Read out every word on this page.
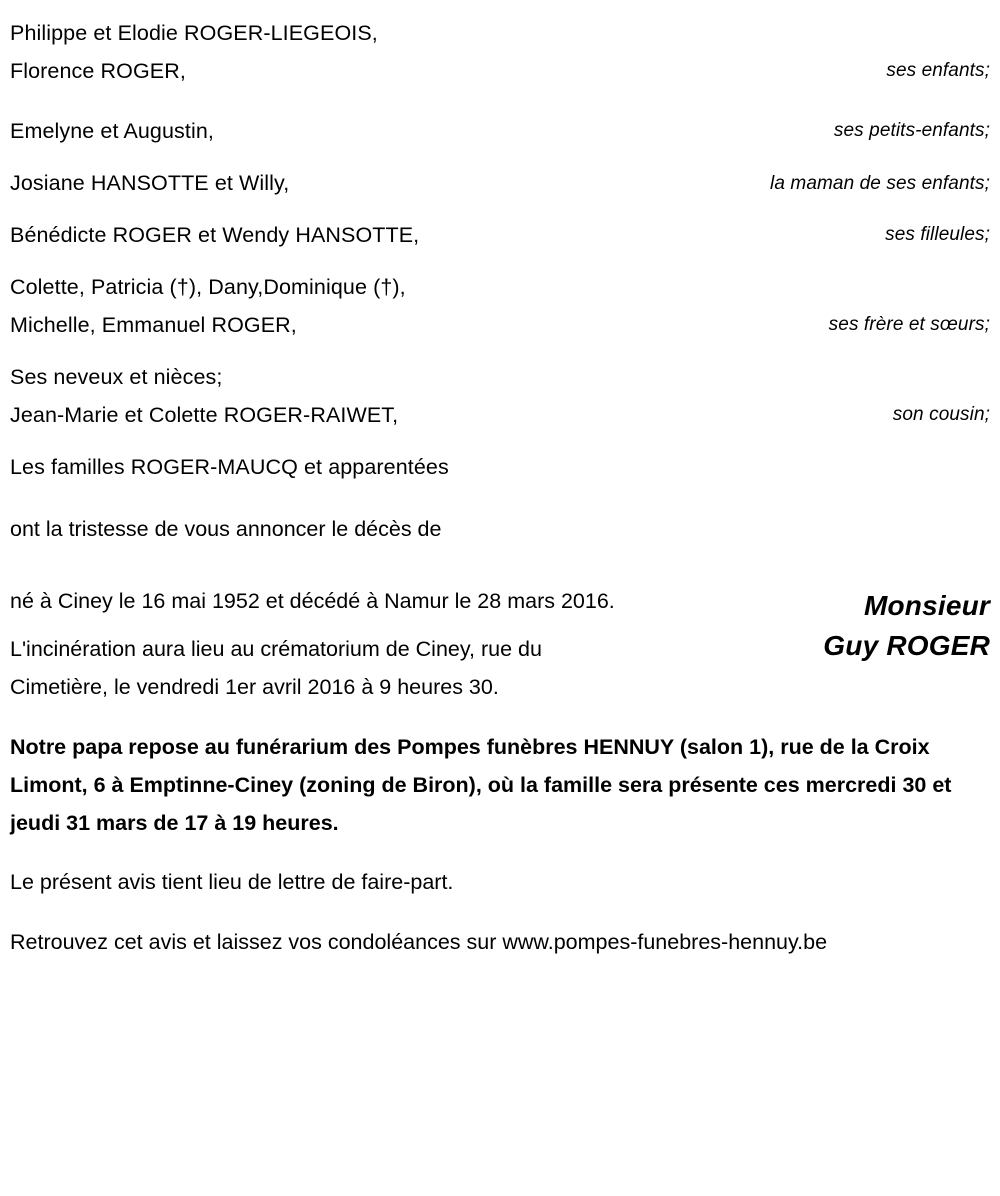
Philippe et Elodie ROGER-LIEGEOIS,
Florence ROGER,	ses enfants;
Emelyne et Augustin,	ses petits-enfants;
Josiane HANSOTTE et Willy,	la maman de ses enfants;
Bénédicte ROGER et Wendy HANSOTTE,	ses filleules;
Colette, Patricia (†), Dany,Dominique (†),
Michelle, Emmanuel ROGER,	ses frère et sœurs;
Ses neveux et nièces;
Jean-Marie et Colette ROGER-RAIWET,	son cousin;
Les familles ROGER-MAUCQ et apparentées
ont la tristesse de vous annoncer le décès de

né à Ciney le 16 mai 1952 et décédé à Namur le 28 mars 2016.

L'incinération aura lieu au crématorium de Ciney, rue du Cimetière, le vendredi 1er avril 2016 à 9 heures 30.

Monsieur
Guy ROGER

Notre papa repose au funérarium des Pompes funèbres HENNUY (salon 1), rue de la Croix Limont, 6 à Emptinne-Ciney (zoning de Biron), où la famille sera présente ces mercredi 30 et jeudi 31 mars de 17 à 19 heures.

Le présent avis tient lieu de lettre de faire-part.

Retrouvez cet avis et laissez vos condoléances sur www.pompes-funebres-hennuy.be
